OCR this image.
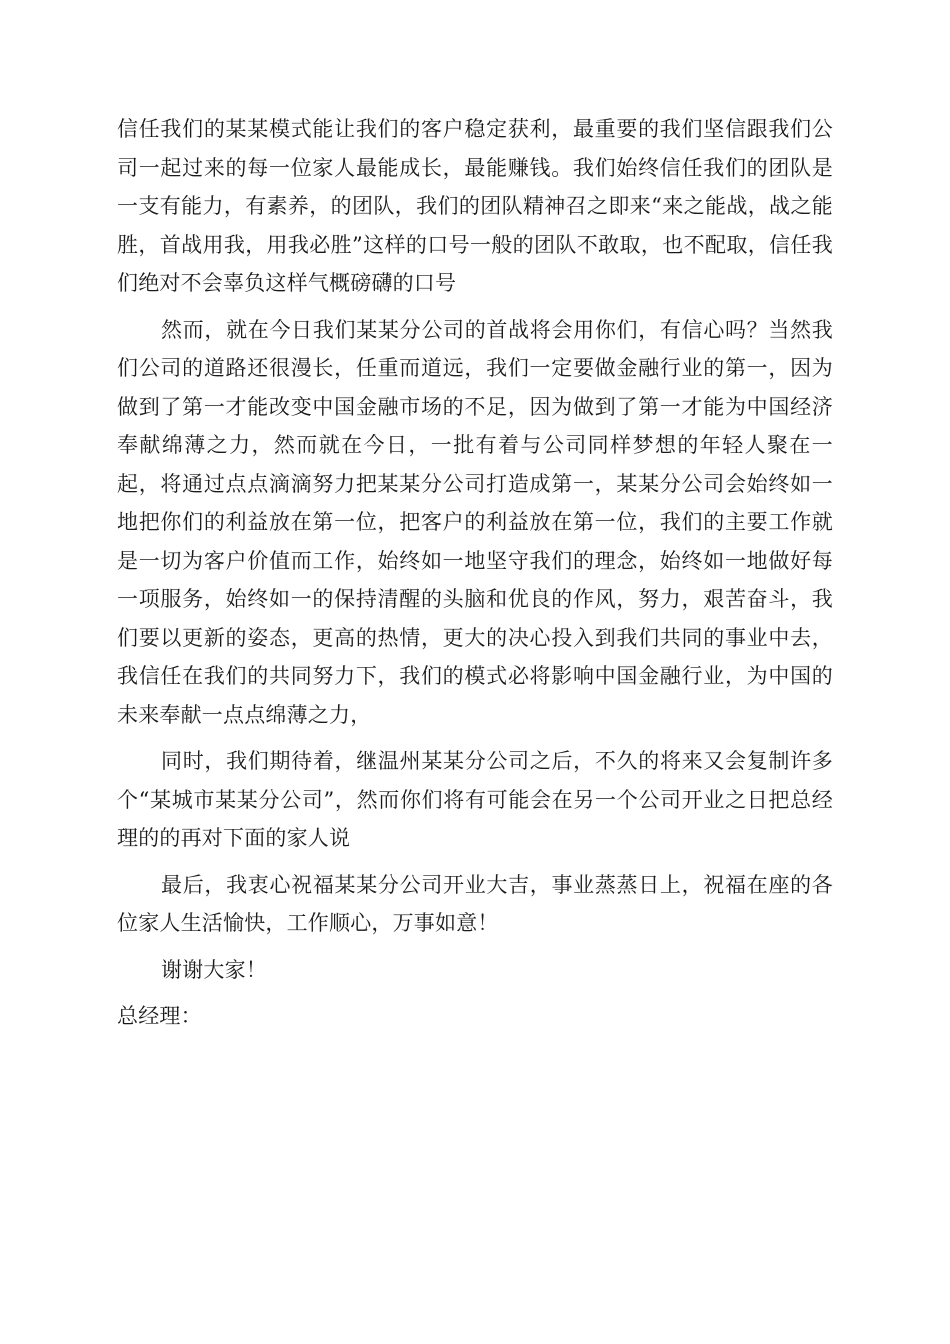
信任我们的某某模式能让我们的客户稳定获利，最重要的我们坚信跟我们公司一起过来的每一位家人最能成长，最能赚钱。我们始终信任我们的团队是一支有能力，有素养，的团队，我们的团队精神召之即来“来之能战，战之能胜，首战用我，用我必胜”这样的口号一般的团队不敢取，也不配取，信任我们绝对不会辜负这样气概磅礴的口号

然而，就在今日我们某某分公司的首战将会用你们，有信心吗？当然我们公司的道路还很漫长，任重而道远，我们一定要做金融行业的第一，因为做到了第一才能改变中国金融市场的不足，因为做到了第一才能为中国经济奉献绵薄之力，然而就在今日，一批有着与公司同样梦想的年轻人聚在一起，将通过点点滴滴努力把某某分公司打造成第一，某某分公司会始终如一地把你们的利益放在第一位，把客户的利益放在第一位，我们的主要工作就是一切为客户价值而工作，始终如一地坚守我们的理念，始终如一地做好每一项服务，始终如一的保持清醒的头脑和优良的作风，努力，艰苦奋斗，我们要以更新的姿态，更高的热情，更大的决心投入到我们共同的事业中去，我信任在我们的共同努力下，我们的模式必将影响中国金融行业，为中国的未来奉献一点点绵薄之力，

同时，我们期待着，继温州某某分公司之后，不久的将来又会复制许多个“某城市某某分公司”，然而你们将有可能会在另一个公司开业之日把总经理的的再对下面的家人说

最后，我衷心祝福某某分公司开业大吉，事业蒸蒸日上，祝福在座的各位家人生活愉快，工作顺心，万事如意！

谢谢大家！

总经理：
